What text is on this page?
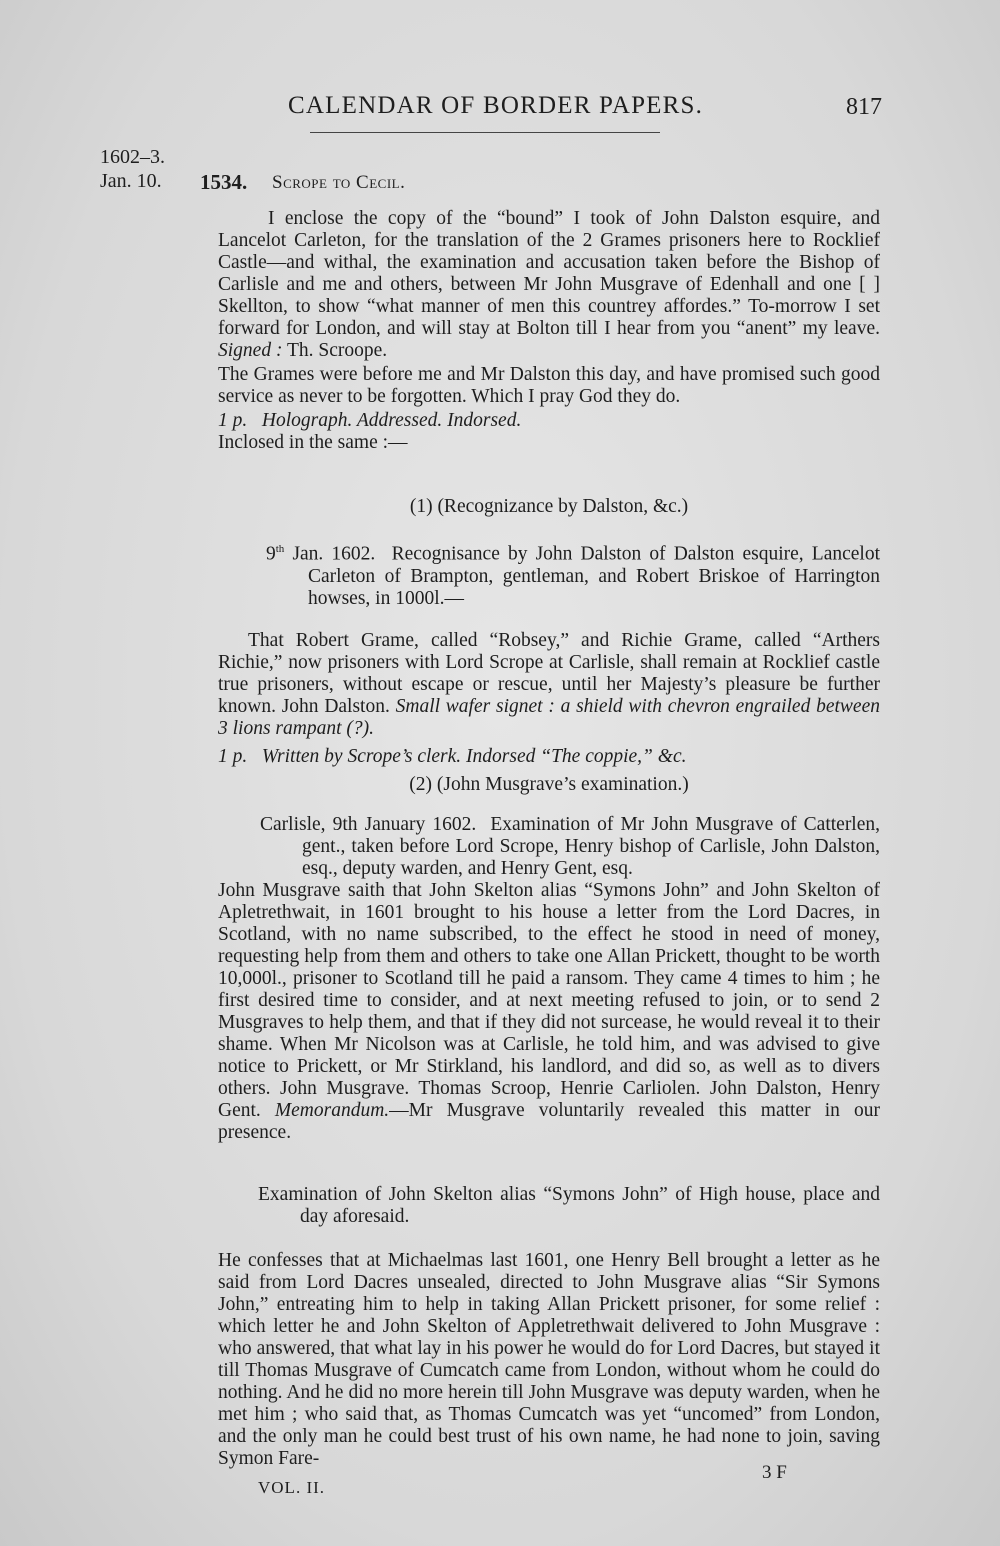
CALENDAR OF BORDER PAPERS.	817
1602–3.
Jan. 10. 1534. Scrope to Cecil.

I enclose the copy of the “bound” I took of John Dalston esquire, and Lancelot Carleton, for the translation of the 2 Grames prisoners here to Rocklief Castle—and withal, the examination and accusation taken before the Bishop of Carlisle and me and others, between Mr John Musgrave of Edenhall and one [ ] Skellton, to show “what manner of men this countrey affordes.” To-morrow I set forward for London, and will stay at Bolton till I hear from you “anent” my leave. Signed : Th. Scroope.

The Grames were before me and Mr Dalston this day, and have promised such good service as never to be forgotten. Which I pray God they do.

1 p. Holograph. Addressed. Indorsed.

Inclosed in the same :—

(1) (Recognizance by Dalston, &c.)

9th Jan. 1602. Recognisance by John Dalston of Dalston esquire, Lancelot Carleton of Brampton, gentleman, and Robert Briskoe of Harrington howses, in 1000l.—

That Robert Grame, called “Robsey,” and Richie Grame, called “Arthers Richie,” now prisoners with Lord Scrope at Carlisle, shall remain at Rocklief castle true prisoners, without escape or rescue, until her Majesty’s pleasure be further known. John Dalston. Small wafer signet : a shield with chevron engrailed between 3 lions rampant (?).

1 p. Written by Scrope’s clerk. Indorsed “The coppie,” &c.

(2) (John Musgrave’s examination.)

Carlisle, 9th January 1602. Examination of Mr John Musgrave of Catterlen, gent., taken before Lord Scrope, Henry bishop of Carlisle, John Dalston, esq., deputy warden, and Henry Gent, esq.

John Musgrave saith that John Skelton alias “Symons John” and John Skelton of Apletrethwait, in 1601 brought to his house a letter from the Lord Dacres, in Scotland, with no name subscribed, to the effect he stood in need of money, requesting help from them and others to take one Allan Prickett, thought to be worth 10,000l., prisoner to Scotland till he paid a ransom. They came 4 times to him ; he first desired time to consider, and at next meeting refused to join, or to send 2 Musgraves to help them, and that if they did not surcease, he would reveal it to their shame. When Mr Nicolson was at Carlisle, he told him, and was advised to give notice to Prickett, or Mr Stirkland, his landlord, and did so, as well as to divers others. John Musgrave. Thomas Scroop, Henrie Carliolen. John Dalston, Henry Gent. Memorandum.—Mr Musgrave voluntarily revealed this matter in our presence.

Examination of John Skelton alias “Symons John” of High house, place and day aforesaid.

He confesses that at Michaelmas last 1601, one Henry Bell brought a letter as he said from Lord Dacres unsealed, directed to John Musgrave alias “Sir Symons John,” entreating him to help in taking Allan Prickett prisoner, for some relief : which letter he and John Skelton of Appletrethwait delivered to John Musgrave : who answered, that what lay in his power he would do for Lord Dacres, but stayed it till Thomas Musgrave of Cumcatch came from London, without whom he could do nothing. And he did no more herein till John Musgrave was deputy warden, when he met him ; who said that, as Thomas Cumcatch was yet “uncomed” from London, and the only man he could best trust of his own name, he had none to join, saving Symon Fare-

VOL. II.
3 F
